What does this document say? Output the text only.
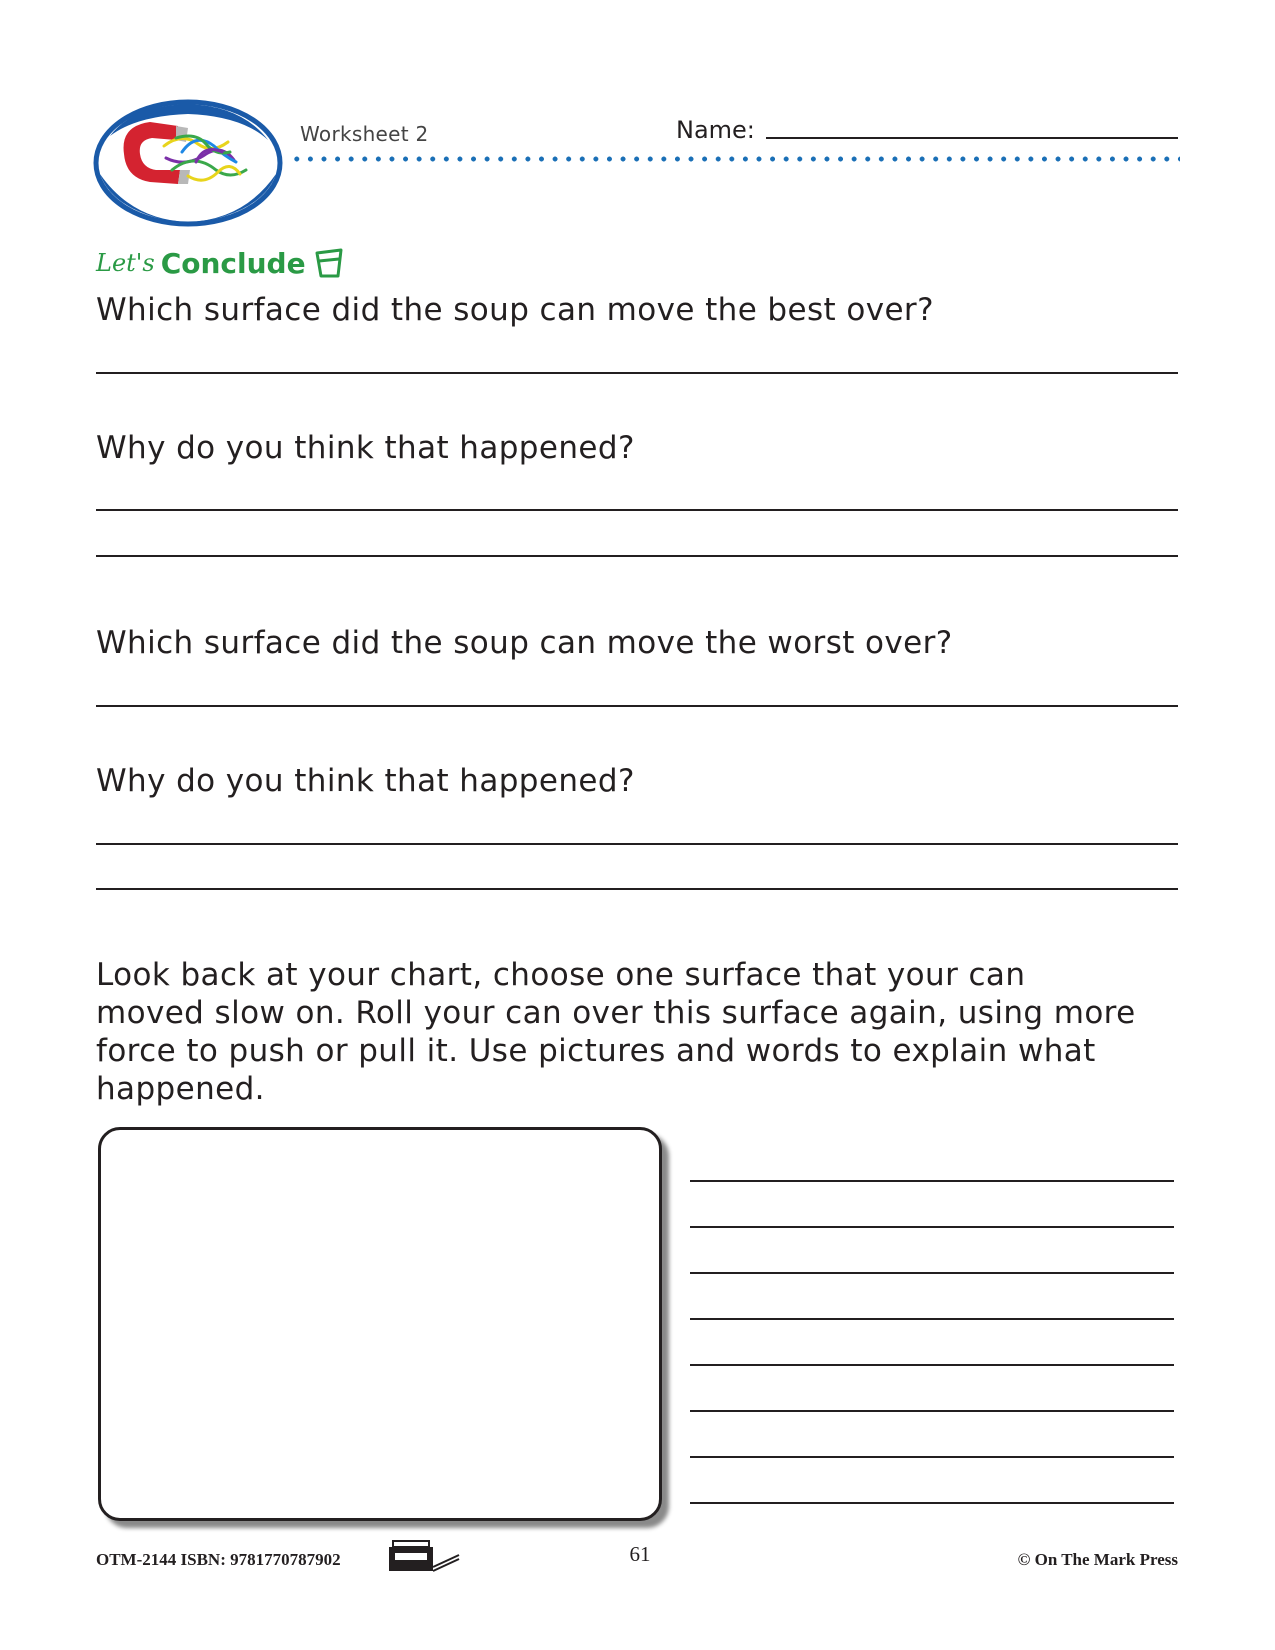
Worksheet 2	Name:
Let's Conclude
Which surface did the soup can move the best over?
Why do you think that happened?
Which surface did the soup can move the worst over?
Why do you think that happened?
Look back at your chart, choose one surface that your can
moved slow on. Roll your can over this surface again, using more
force to push or pull it. Use pictures and words to explain what
happened.
OTM-2144 ISBN: 9781770787902	61	© On The Mark Press
